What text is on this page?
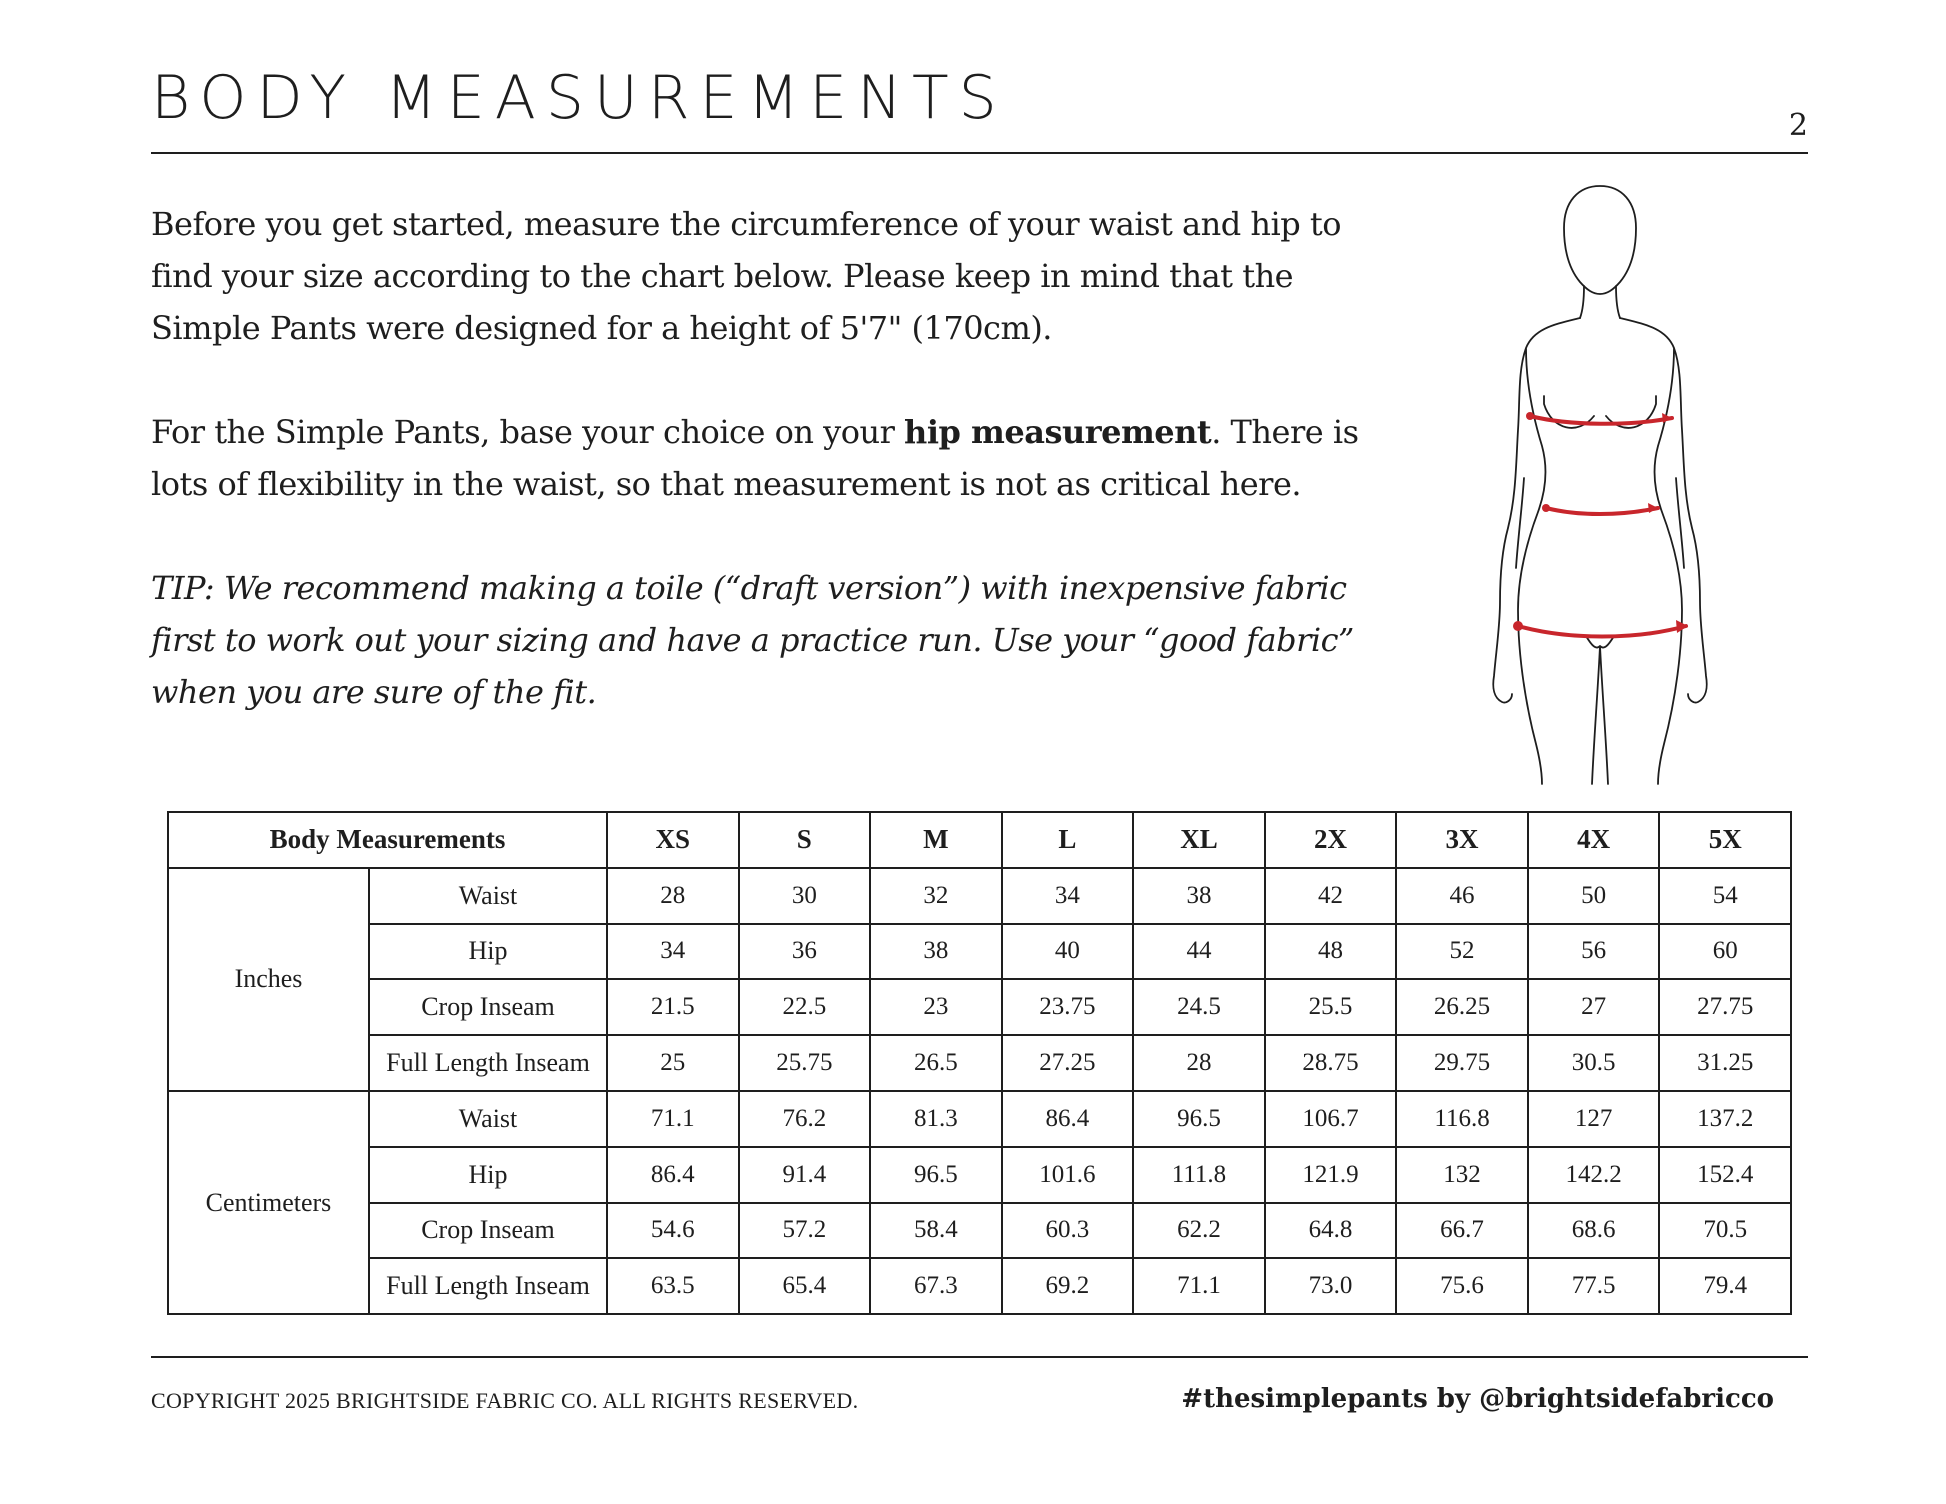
BODY MEASUREMENTS	2

Before you get started, measure the circumference of your waist and hip to find your size according to the chart below. Please keep in mind that the Simple Pants were designed for a height of 5'7" (170cm).

For the Simple Pants, base your choice on your hip measurement. There is lots of flexibility in the waist, so that measurement is not as critical here.

TIP: We recommend making a toile (“draft version”) with inexpensive fabric first to work out your sizing and have a practice run. Use your “good fabric” when you are sure of the fit.

Body Measurements		XS	S	M	L	XL	2X	3X	4X	5X
Inches	Waist	28	30	32	34	38	42	46	50	54
	Hip	34	36	38	40	44	48	52	56	60
	Crop Inseam	21.5	22.5	23	23.75	24.5	25.5	26.25	27	27.75
	Full Length Inseam	25	25.75	26.5	27.25	28	28.75	29.75	30.5	31.25
Centimeters	Waist	71.1	76.2	81.3	86.4	96.5	106.7	116.8	127	137.2
	Hip	86.4	91.4	96.5	101.6	111.8	121.9	132	142.2	152.4
	Crop Inseam	54.6	57.2	58.4	60.3	62.2	64.8	66.7	68.6	70.5
	Full Length Inseam	63.5	65.4	67.3	69.2	71.1	73.0	75.6	77.5	79.4
COPYRIGHT 2025 BRIGHTSIDE FABRIC CO. ALL RIGHTS RESERVED.	#thesimplepants by @brightsidefabricco
